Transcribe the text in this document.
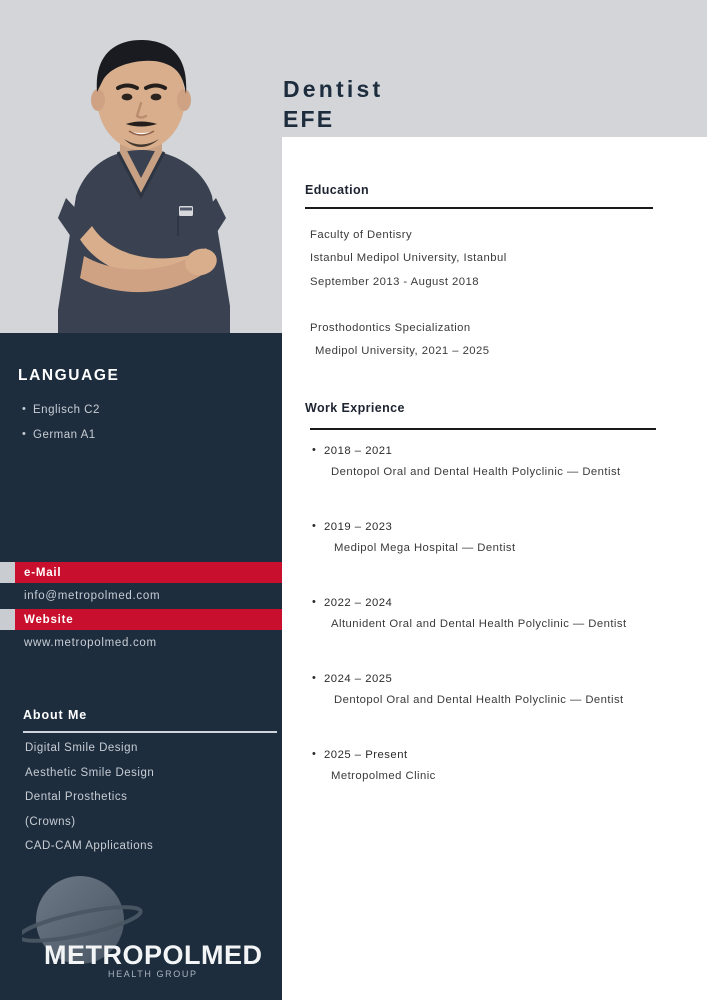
Dentist
EFE
LANGUAGE
• Englisch C2
• German A1
e-Mail
info@metropolmed.com
Website
www.metropolmed.com
About Me
Digital Smile Design
Aesthetic Smile Design
Dental Prosthetics
(Crowns)
CAD-CAM Applications
METROPOLMED
HEALTH GROUP
Education
Faculty of Dentisry
Istanbul Medipol University, Istanbul
September 2013 - August 2018
Prosthodontics Specialization
Medipol University, 2021 – 2025
Work Exprience
• 2018 – 2021
Dentopol Oral and Dental Health Polyclinic — Dentist
• 2019 – 2023
Medipol Mega Hospital — Dentist
• 2022 – 2024
Altunident Oral and Dental Health Polyclinic — Dentist
• 2024 – 2025
Dentopol Oral and Dental Health Polyclinic — Dentist
• 2025 – Present
Metropolmed Clinic
